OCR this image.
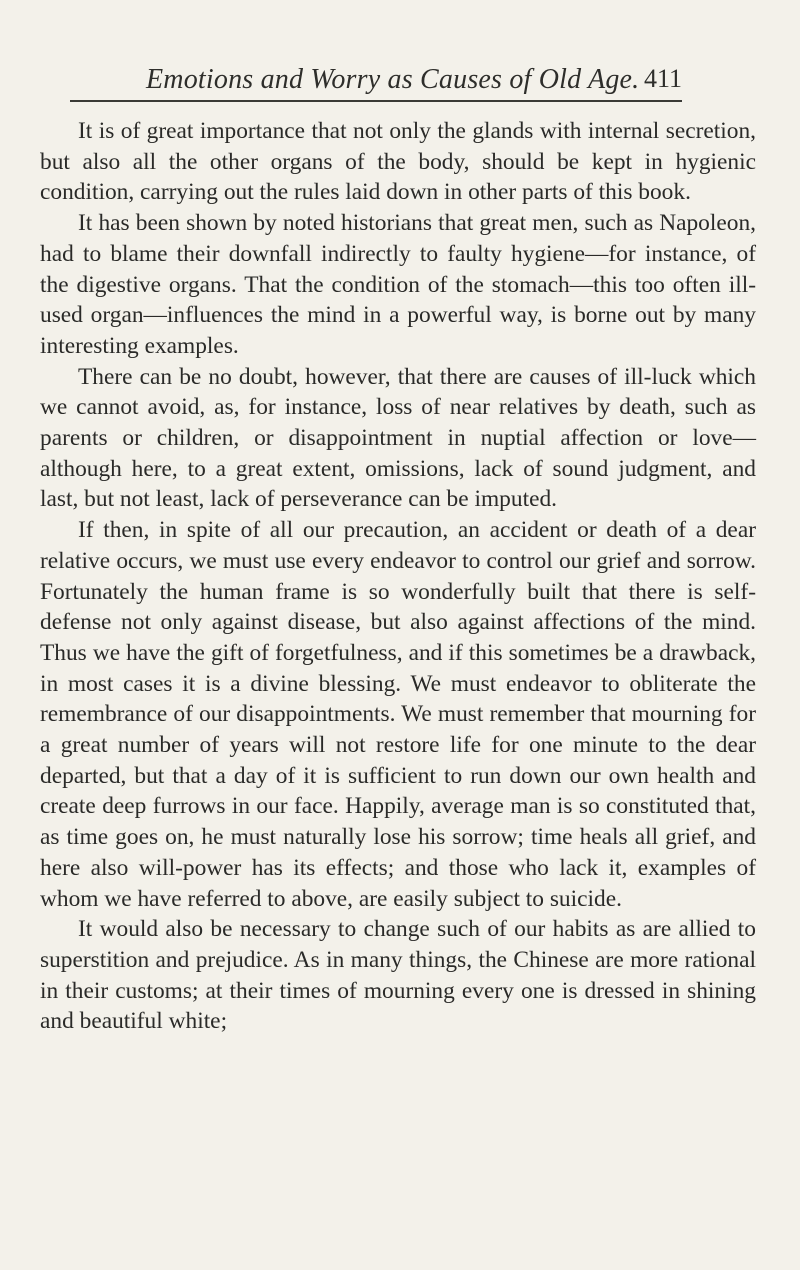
Emotions and Worry as Causes of Old Age. 411

It is of great importance that not only the glands with internal secretion, but also all the other organs of the body, should be kept in hygienic condition, carrying out the rules laid down in other parts of this book.

It has been shown by noted historians that great men, such as Napoleon, had to blame their downfall indirectly to faulty hygiene—for instance, of the digestive organs. That the condition of the stomach—this too often ill-used organ—influences the mind in a powerful way, is borne out by many interesting examples.

There can be no doubt, however, that there are causes of ill-luck which we cannot avoid, as, for instance, loss of near relatives by death, such as parents or children, or disappointment in nuptial affection or love—although here, to a great extent, omissions, lack of sound judgment, and last, but not least, lack of perseverance can be imputed.

If then, in spite of all our precaution, an accident or death of a dear relative occurs, we must use every endeavor to control our grief and sorrow. Fortunately the human frame is so wonderfully built that there is self-defense not only against disease, but also against affections of the mind. Thus we have the gift of forgetfulness, and if this sometimes be a drawback, in most cases it is a divine blessing. We must endeavor to obliterate the remembrance of our disappointments. We must remember that mourning for a great number of years will not restore life for one minute to the dear departed, but that a day of it is sufficient to run down our own health and create deep furrows in our face. Happily, average man is so constituted that, as time goes on, he must naturally lose his sorrow; time heals all grief, and here also will-power has its effects; and those who lack it, examples of whom we have referred to above, are easily subject to suicide.

It would also be necessary to change such of our habits as are allied to superstition and prejudice. As in many things, the Chinese are more rational in their customs; at their times of mourning every one is dressed in shining and beautiful white;
